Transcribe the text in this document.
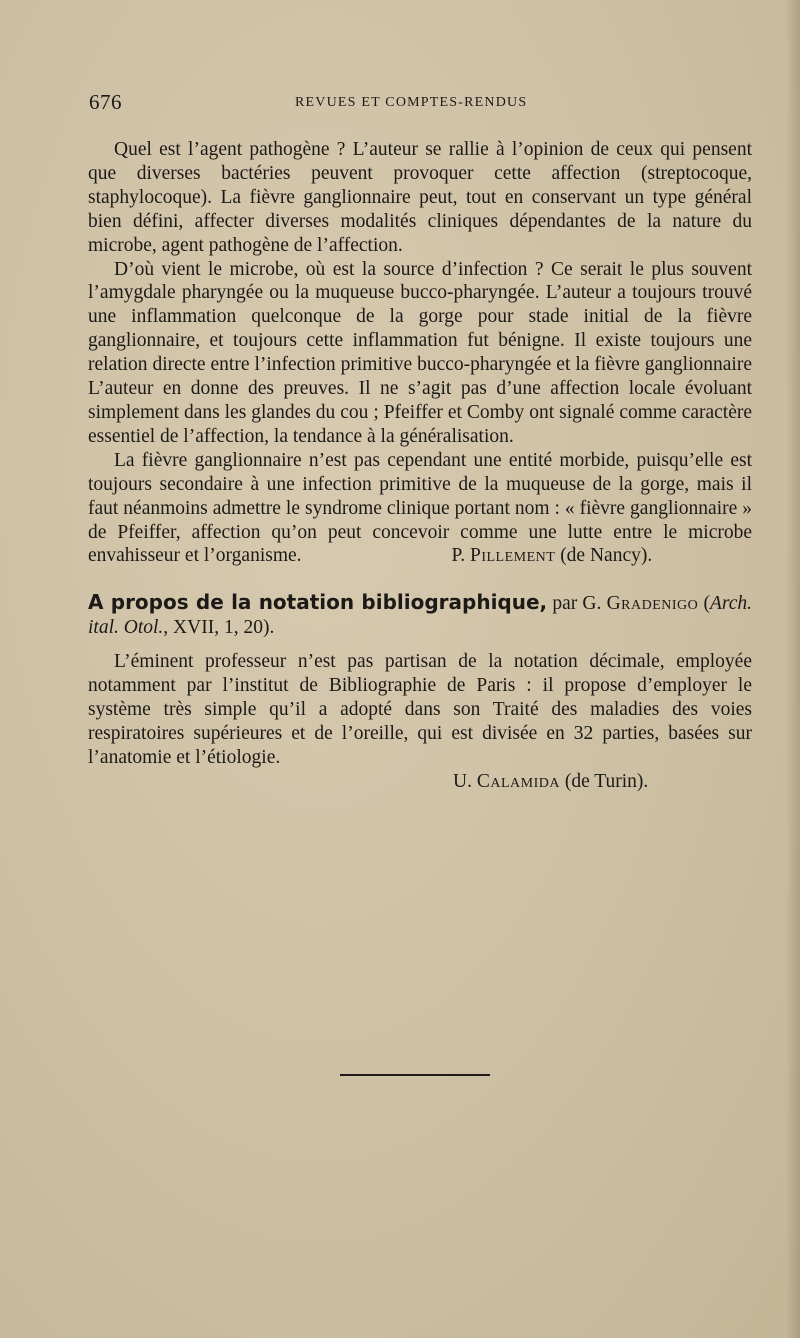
676	REVUES ET COMPTES-RENDUS

Quel est l’agent pathogène ? L’auteur se rallie à l’opinion de ceux qui pensent que diverses bactéries peuvent provoquer cette affection (streptocoque, staphylocoque). La fièvre ganglionnaire peut, tout en conservant un type général bien défini, affecter diverses modalités cliniques dépendantes de la nature du microbe, agent pathogène de l’affection.

D’où vient le microbe, où est la source d’infection ? Ce serait le plus souvent l’amygdale pharyngée ou la muqueuse bucco-pharyngée. L’auteur a toujours trouvé une inflammation quelconque de la gorge pour stade initial de la fièvre ganglionnaire, et toujours cette inflammation fut bénigne. Il existe toujours une relation directe entre l’infection primitive bucco-pharyngée et la fièvre ganglionnaire L’auteur en donne des preuves. Il ne s’agit pas d’une affection locale évoluant simplement dans les glandes du cou ; Pfeiffer et Comby ont signalé comme caractère essentiel de l’affection, la tendance à la généralisation.

La fièvre ganglionnaire n’est pas cependant une entité morbide, puisqu’elle est toujours secondaire à une infection primitive de la muqueuse de la gorge, mais il faut néanmoins admettre le syndrome clinique portant nom : « fièvre ganglionnaire » de Pfeiffer, affection qu’on peut concevoir comme une lutte entre le microbe envahisseur et l’organisme.	P. Pillement (de Nancy).

A propos de la notation bibliographique, par G. Gradenigo (Arch. ital. Otol., XVII, 1, 20).

L’éminent professeur n’est pas partisan de la notation décimale, employée notamment par l’institut de Bibliographie de Paris : il propose d’employer le système très simple qu’il a adopté dans son Traité des maladies des voies respiratoires supérieures et de l’oreille, qui est divisée en 32 parties, basées sur l’anatomie et l’étiologie.

U. Calamida (de Turin).
